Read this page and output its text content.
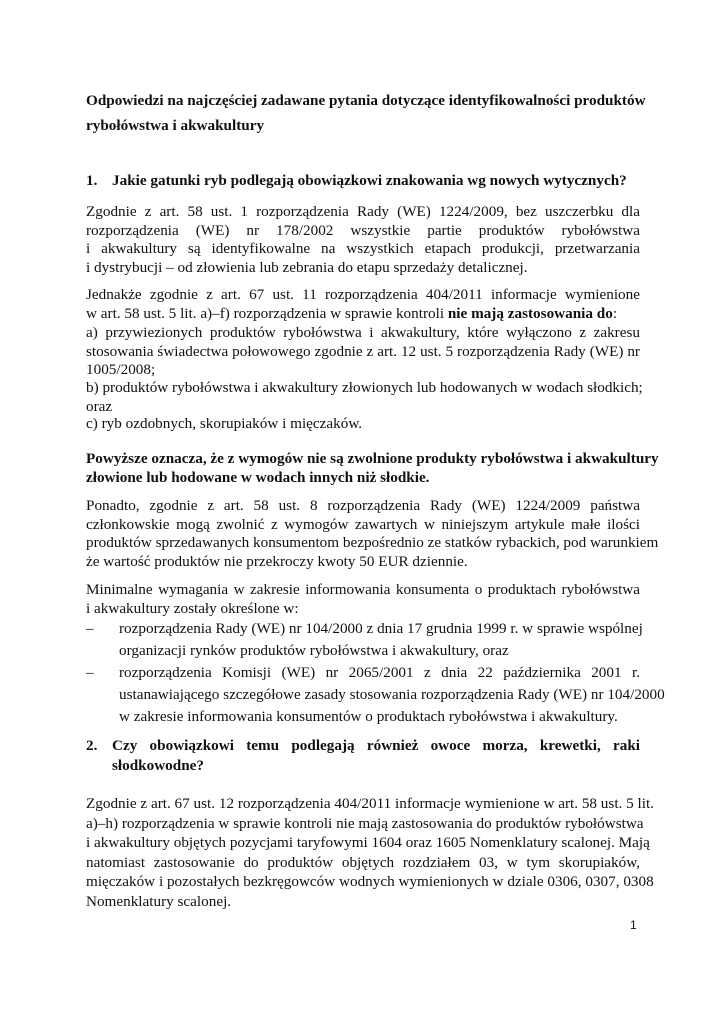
Odpowiedzi na najczęściej zadawane pytania dotyczące identyfikowalności produktów
rybołówstwa i akwakultury
1. Jakie gatunki ryb podlegają obowiązkowi znakowania wg nowych wytycznych?
Zgodnie z art. 58 ust. 1 rozporządzenia Rady (WE) 1224/2009, bez uszczerbku dla
rozporządzenia (WE) nr 178/2002 wszystkie partie produktów rybołówstwa
i akwakultury są identyfikowalne na wszystkich etapach produkcji, przetwarzania
i dystrybucji – od złowienia lub zebrania do etapu sprzedaży detalicznej.
Jednakże zgodnie z art. 67 ust. 11 rozporządzenia 404/2011 informacje wymienione
w art. 58 ust. 5 lit. a)–f) rozporządzenia w sprawie kontroli nie mają zastosowania do:
a) przywiezionych produktów rybołówstwa i akwakultury, które wyłączono z zakresu
stosowania świadectwa połowowego zgodnie z art. 12 ust. 5 rozporządzenia Rady (WE) nr
1005/2008;
b) produktów rybołówstwa i akwakultury złowionych lub hodowanych w wodach słodkich;
oraz
c) ryb ozdobnych, skorupiaków i mięczaków.
Powyższe oznacza, że z wymogów nie są zwolnione produkty rybołówstwa i akwakultury
złowione lub hodowane w wodach innych niż słodkie.
Ponadto, zgodnie z art. 58 ust. 8 rozporządzenia Rady (WE) 1224/2009 państwa
członkowskie mogą zwolnić z wymogów zawartych w niniejszym artykule małe ilości
produktów sprzedawanych konsumentom bezpośrednio ze statków rybackich, pod warunkiem
że wartość produktów nie przekroczy kwoty 50 EUR dziennie.
Minimalne wymagania w zakresie informowania konsumenta o produktach rybołówstwa
i akwakultury zostały określone w:
– rozporządzenia Rady (WE) nr 104/2000 z dnia 17 grudnia 1999 r. w sprawie wspólnej
organizacji rynków produktów rybołówstwa i akwakultury, oraz
– rozporządzenia Komisji (WE) nr 2065/2001 z dnia 22 października 2001 r.
ustanawiającego szczegółowe zasady stosowania rozporządzenia Rady (WE) nr 104/2000
w zakresie informowania konsumentów o produktach rybołówstwa i akwakultury.
2. Czy obowiązkowi temu podlegają również owoce morza, krewetki, raki
słodkowodne?
Zgodnie z art. 67 ust. 12 rozporządzenia 404/2011 informacje wymienione w art. 58 ust. 5 lit.
a)–h) rozporządzenia w sprawie kontroli nie mają zastosowania do produktów rybołówstwa
i akwakultury objętych pozycjami taryfowymi 1604 oraz 1605 Nomenklatury scalonej. Mają
natomiast zastosowanie do produktów objętych rozdziałem 03, w tym skorupiaków,
mięczaków i pozostałych bezkręgowców wodnych wymienionych w dziale 0306, 0307, 0308
Nomenklatury scalonej.
1
